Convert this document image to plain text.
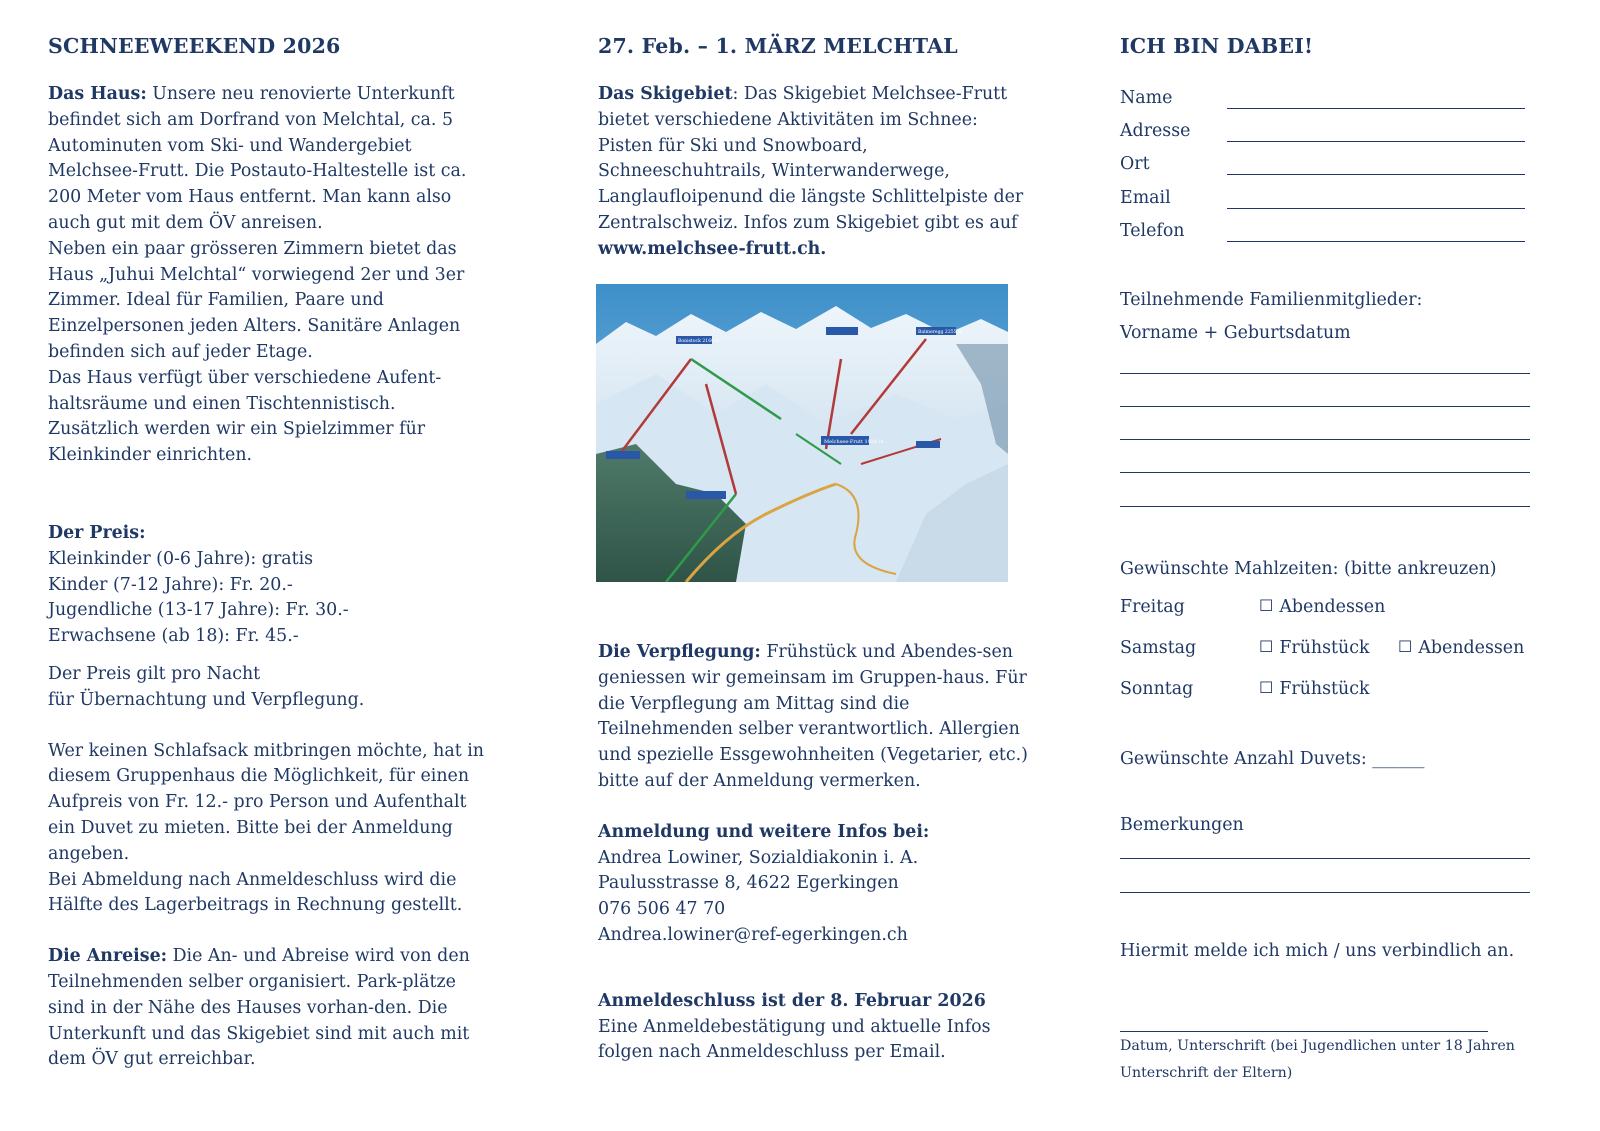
SCHNEEWEEKEND 2026

Das Haus: Unsere neu renovierte Unterkunft befindet sich am Dorfrand von Melchtal, ca. 5 Autominuten vom Ski- und Wandergebiet Melchsee-Frutt. Die Postauto-Haltestelle ist ca. 200 Meter vom Haus entfernt. Man kann also auch gut mit dem ÖV anreisen.

Neben ein paar grösseren Zimmern bietet das Haus „Juhui Melchtal“ vorwiegend 2er und 3er Zimmer. Ideal für Familien, Paare und Einzelpersonen jeden Alters. Sanitäre Anlagen befinden sich auf jeder Etage.

Das Haus verfügt über verschiedene Aufent-haltsräume und einen Tischtennistisch. Zusätzlich werden wir ein Spielzimmer für Kleinkinder einrichten.

Der Preis:

Kleinkinder (0-6 Jahre): gratis

Kinder (7-12 Jahre): Fr. 20.-

Jugendliche (13-17 Jahre): Fr. 30.-

Erwachsene (ab 18): Fr. 45.-

Der Preis gilt pro Nacht

für Übernachtung und Verpflegung.

Wer keinen Schlafsack mitbringen möchte, hat in diesem Gruppenhaus die Möglichkeit, für einen Aufpreis von Fr. 12.- pro Person und Aufenthalt ein Duvet zu mieten. Bitte bei der Anmeldung angeben.

Bei Abmeldung nach Anmeldeschluss wird die Hälfte des Lagerbeitrags in Rechnung gestellt.

Die Anreise: Die An- und Abreise wird von den Teilnehmenden selber organisiert. Park-plätze sind in der Nähe des Hauses vorhan-den. Die Unterkunft und das Skigebiet sind mit auch mit dem ÖV gut erreichbar.

27. Feb. – 1. MÄRZ MELCHTAL

Das Skigebiet: Das Skigebiet Melchsee-Frutt bietet verschiedene Aktivitäten im Schnee: Pisten für Ski und Snowboard, Schneeschuhtrails, Winterwanderwege, Langlaufloipenund die längste Schlittelpiste der Zentralschweiz. Infos zum Skigebiet gibt es auf www.melchsee-frutt.ch.

Melchsee-Frutt 1920 m
Balmeregg 2255 m
Bonistock 2160 m

Die Verpflegung: Frühstück und Abendes-sen geniessen wir gemeinsam im Gruppen-haus. Für die Verpflegung am Mittag sind die Teilnehmenden selber verantwortlich. Allergien und spezielle Essgewohnheiten (Vegetarier, etc.) bitte auf der Anmeldung vermerken.

Anmeldung und weitere Infos bei:

Andrea Lowiner, Sozialdiakonin i. A.

Paulusstrasse 8, 4622 Egerkingen

076 506 47 70

Andrea.lowiner@ref-egerkingen.ch

Anmeldeschluss ist der 8. Februar 2026

Eine Anmeldebestätigung und aktuelle Infos folgen nach Anmeldeschluss per Email.

ICH BIN DABEI!
Name
Adresse
Ort
Email
Telefon
Teilnehmende Familienmitglieder:
Vorname + Geburtsdatum
Gewünschte Mahlzeiten: (bitte ankreuzen)
Freitag	☐ Abendessen
Samstag	☐ Frühstück ☐ Abendessen
Sonntag	☐ Frühstück
Gewünschte Anzahl Duvets: ______
Bemerkungen
Hiermit melde ich mich / uns verbindlich an.
Datum, Unterschrift (bei Jugendlichen unter 18 Jahren
Unterschrift der Eltern)
